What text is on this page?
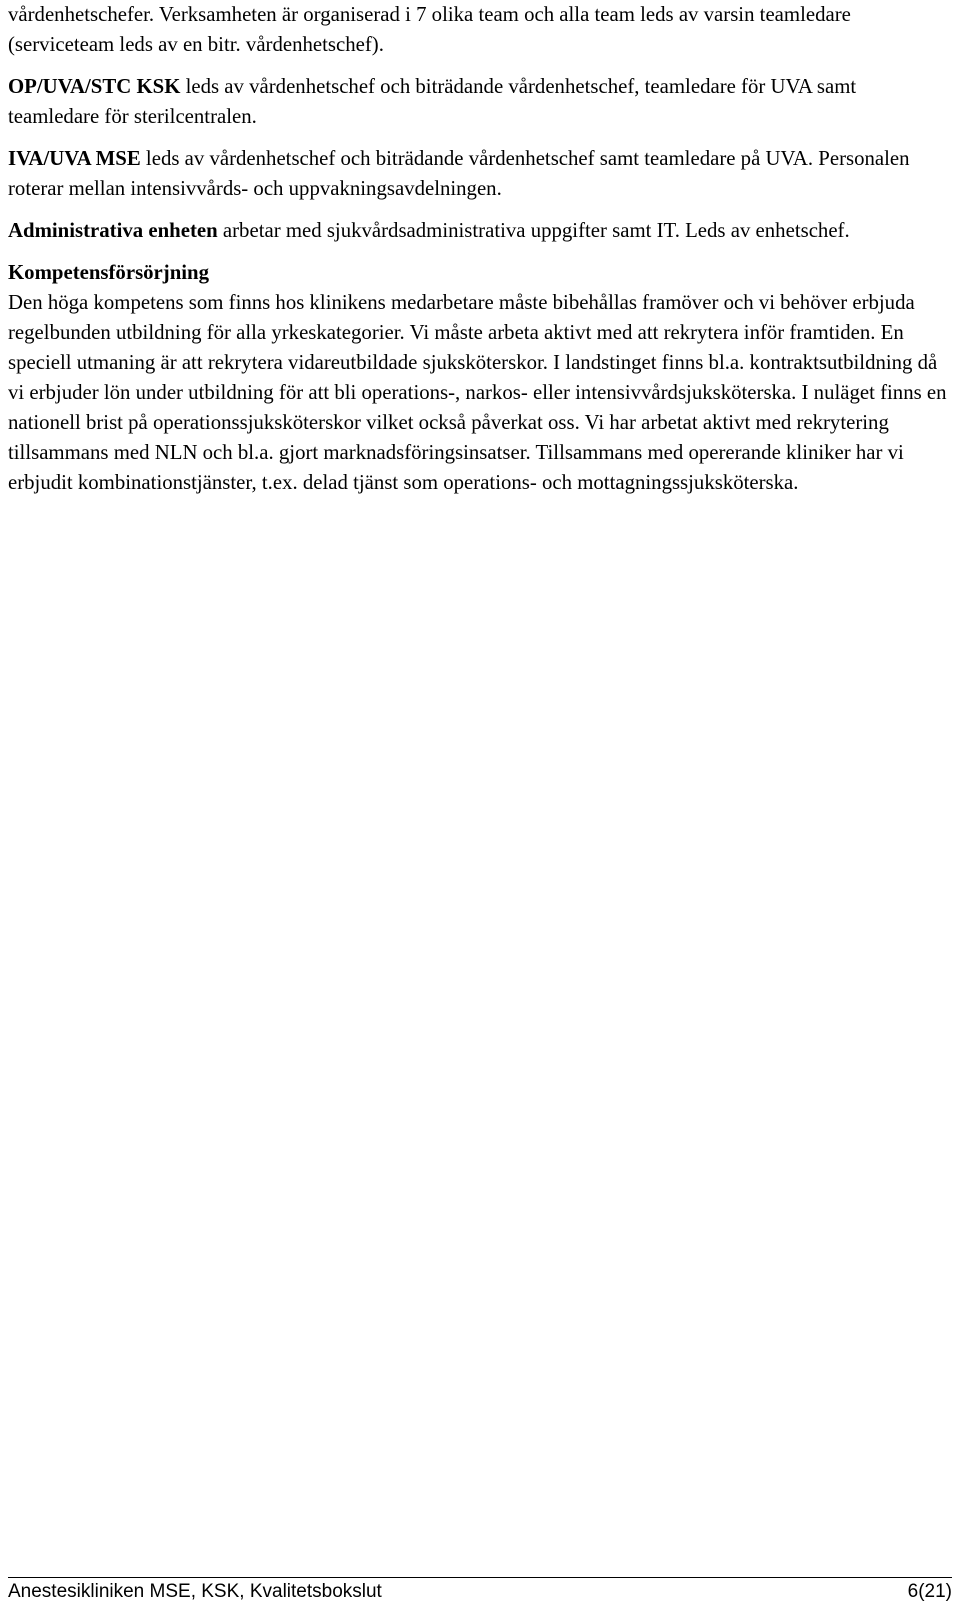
vårdenhetschefer. Verksamheten är organiserad i 7 olika team och alla team leds av varsin teamledare (serviceteam leds av en bitr. vårdenhetschef).

OP/UVA/STC KSK leds av vårdenhetschef och biträdande vårdenhetschef, teamledare för UVA samt teamledare för sterilcentralen.

IVA/UVA MSE leds av vårdenhetschef och biträdande vårdenhetschef samt teamledare på UVA. Personalen roterar mellan intensivvårds- och uppvakningsavdelningen.

Administrativa enheten arbetar med sjukvårdsadministrativa uppgifter samt IT. Leds av enhetschef.

Kompetensförsörjning
Den höga kompetens som finns hos klinikens medarbetare måste bibehållas framöver och vi behöver erbjuda regelbunden utbildning för alla yrkeskategorier. Vi måste arbeta aktivt med att rekrytera inför framtiden. En speciell utmaning är att rekrytera vidareutbildade sjuksköterskor. I landstinget finns bl.a. kontraktsutbildning då vi erbjuder lön under utbildning för att bli operations-, narkos- eller intensivvårdsjuksköterska. I nuläget finns en nationell brist på operationssjuksköterskor vilket också påverkat oss. Vi har arbetat aktivt med rekrytering tillsammans med NLN och bl.a. gjort marknadsföringsinsatser. Tillsammans med opererande kliniker har vi erbjudit kombinationstjänster, t.ex. delad tjänst som operations- och mottagningssjuksköterska.

Anestesikliniken MSE, KSK, Kvalitetsbokslut	6(21)
